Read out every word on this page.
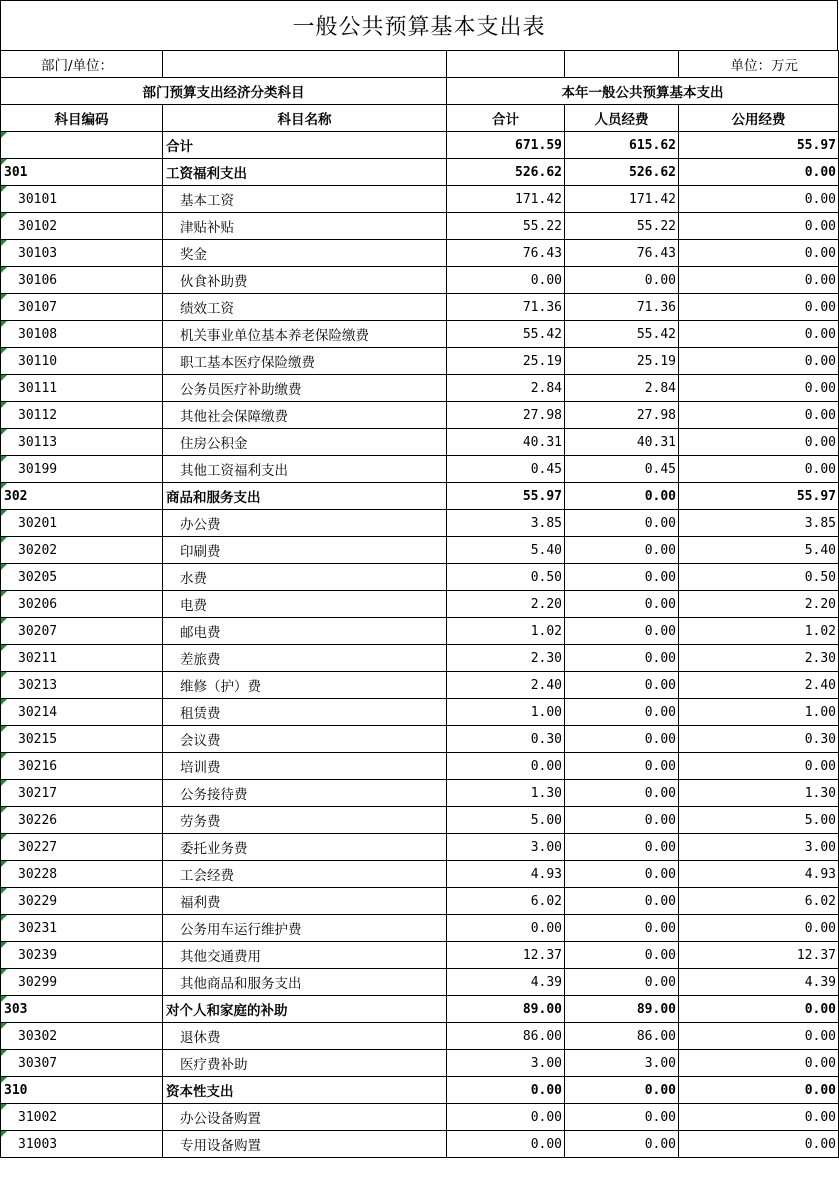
一般公共预算基本支出表
部门/单位：				单位：万元
部门预算支出经济分类科目		本年一般公共预算基本支出		
科目编码	科目名称	合计	人员经费	公用经费

	合计	671.59	615.62	55.97

301	工资福利支出	526.62	526.62	0.00

30101	基本工资	171.42	171.42	0.00

30102	津贴补贴	55.22	55.22	0.00

30103	奖金	76.43	76.43	0.00

30106	伙食补助费	0.00	0.00	0.00

30107	绩效工资	71.36	71.36	0.00

30108	机关事业单位基本养老保险缴费	55.42	55.42	0.00

30110	职工基本医疗保险缴费	25.19	25.19	0.00

30111	公务员医疗补助缴费	2.84	2.84	0.00

30112	其他社会保障缴费	27.98	27.98	0.00

30113	住房公积金	40.31	40.31	0.00

30199	其他工资福利支出	0.45	0.45	0.00

302	商品和服务支出	55.97	0.00	55.97

30201	办公费	3.85	0.00	3.85

30202	印刷费	5.40	0.00	5.40

30205	水费	0.50	0.00	0.50

30206	电费	2.20	0.00	2.20

30207	邮电费	1.02	0.00	1.02

30211	差旅费	2.30	0.00	2.30

30213	维修（护）费	2.40	0.00	2.40

30214	租赁费	1.00	0.00	1.00

30215	会议费	0.30	0.00	0.30

30216	培训费	0.00	0.00	0.00

30217	公务接待费	1.30	0.00	1.30

30226	劳务费	5.00	0.00	5.00

30227	委托业务费	3.00	0.00	3.00

30228	工会经费	4.93	0.00	4.93

30229	福利费	6.02	0.00	6.02

30231	公务用车运行维护费	0.00	0.00	0.00

30239	其他交通费用	12.37	0.00	12.37

30299	其他商品和服务支出	4.39	0.00	4.39

303	对个人和家庭的补助	89.00	89.00	0.00

30302	退休费	86.00	86.00	0.00

30307	医疗费补助	3.00	3.00	0.00

310	资本性支出	0.00	0.00	0.00

31002	办公设备购置	0.00	0.00	0.00

31003	专用设备购置	0.00	0.00	0.00
